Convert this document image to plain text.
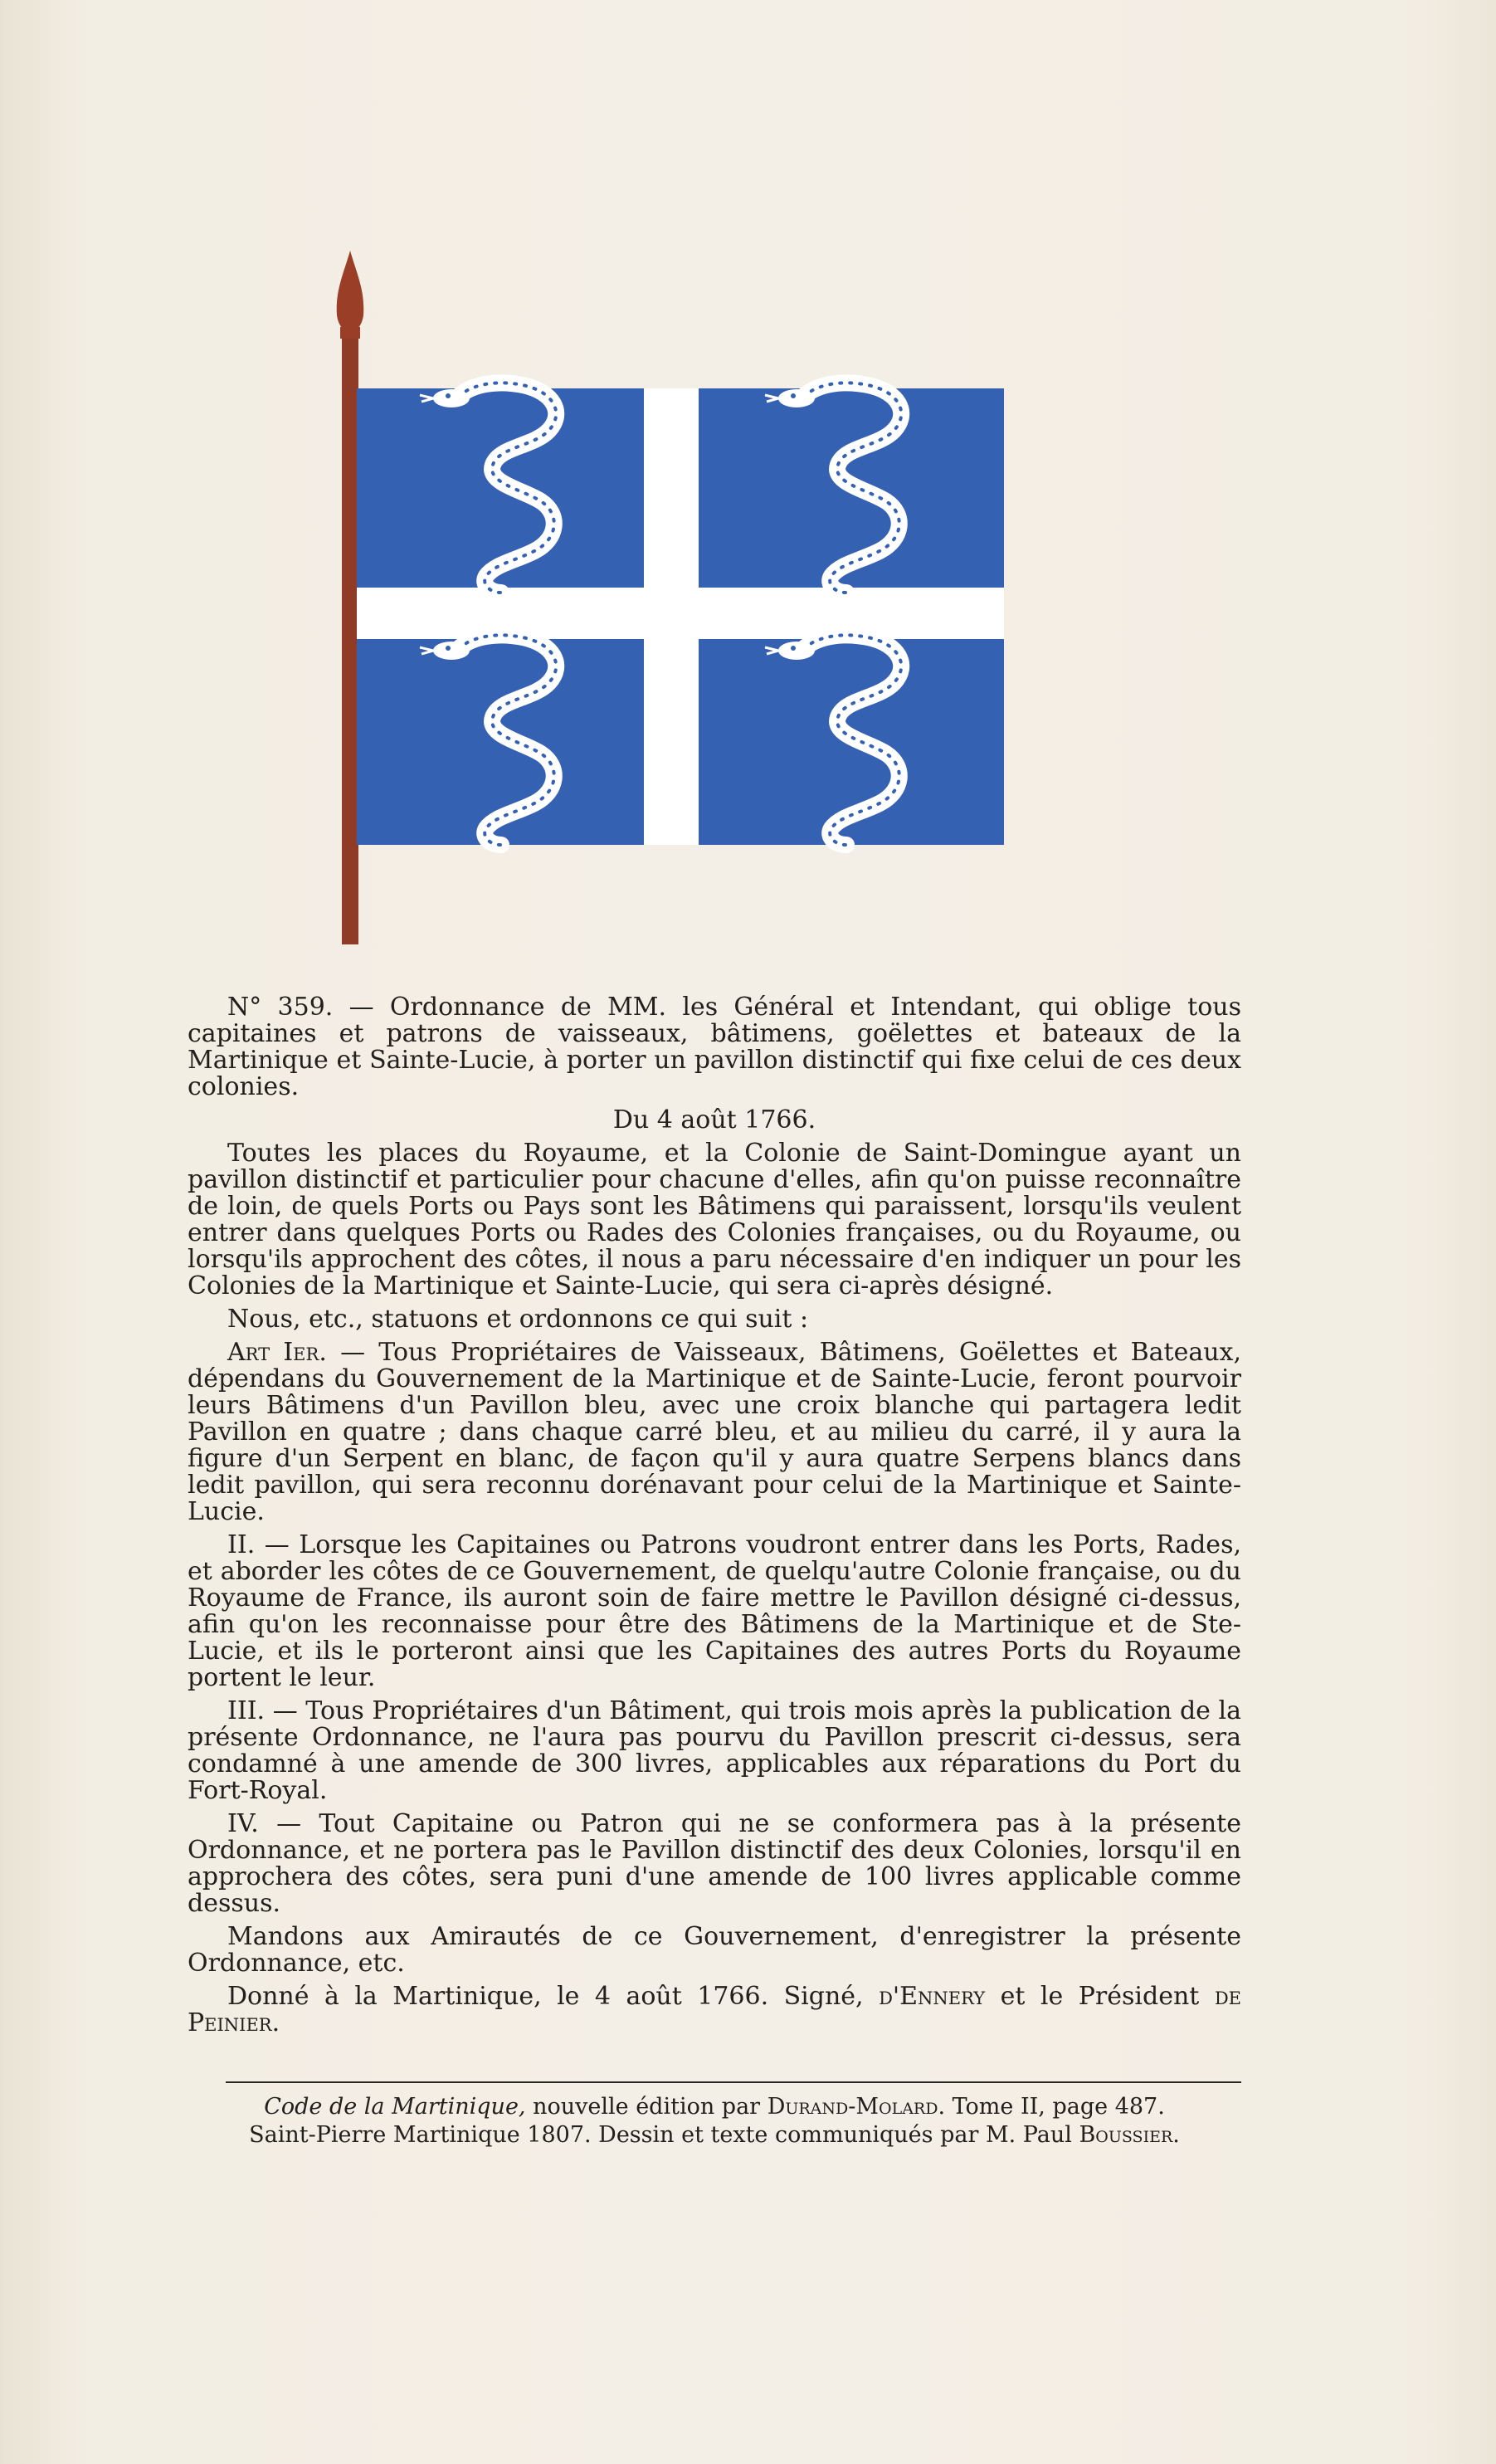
N° 359. — Ordonnance de MM. les Général et Intendant, qui oblige tous capitaines et patrons de vaisseaux, bâtimens, goëlettes et bateaux de la Martinique et Sainte-Lucie, à porter un pavillon distinctif qui fixe celui de ces deux colonies.

Du 4 août 1766.

Toutes les places du Royaume, et la Colonie de Saint-Domingue ayant un pavillon distinctif et particulier pour chacune d'elles, afin qu'on puisse reconnaître de loin, de quels Ports ou Pays sont les Bâtimens qui paraissent, lorsqu'ils veulent entrer dans quelques Ports ou Rades des Colonies françaises, ou du Royaume, ou lorsqu'ils approchent des côtes, il nous a paru nécessaire d'en indiquer un pour les Colonies de la Martinique et Sainte-Lucie, qui sera ci-après désigné.

Nous, etc., statuons et ordonnons ce qui suit :

Art Ier. — Tous Propriétaires de Vaisseaux, Bâtimens, Goëlettes et Bateaux, dépendans du Gouvernement de la Martinique et de Sainte-Lucie, feront pourvoir leurs Bâtimens d'un Pavillon bleu, avec une croix blanche qui partagera ledit Pavillon en quatre ; dans chaque carré bleu, et au milieu du carré, il y aura la figure d'un Serpent en blanc, de façon qu'il y aura quatre Serpens blancs dans ledit pavillon, qui sera reconnu dorénavant pour celui de la Martinique et Sainte-Lucie.

II. — Lorsque les Capitaines ou Patrons voudront entrer dans les Ports, Rades, et aborder les côtes de ce Gouvernement, de quelqu'autre Colonie française, ou du Royaume de France, ils auront soin de faire mettre le Pavillon désigné ci-dessus, afin qu'on les reconnaisse pour être des Bâtimens de la Martinique et de Ste-Lucie, et ils le porteront ainsi que les Capitaines des autres Ports du Royaume portent le leur.

III. — Tous Propriétaires d'un Bâtiment, qui trois mois après la publication de la présente Ordonnance, ne l'aura pas pourvu du Pavillon prescrit ci-dessus, sera condamné à une amende de 300 livres, applicables aux réparations du Port du Fort-Royal.

IV. — Tout Capitaine ou Patron qui ne se conformera pas à la présente Ordonnance, et ne portera pas le Pavillon distinctif des deux Colonies, lorsqu'il en approchera des côtes, sera puni d'une amende de 100 livres applicable comme dessus.

Mandons aux Amirautés de ce Gouvernement, d'enregistrer la présente Ordonnance, etc.

Donné à la Martinique, le 4 août 1766. Signé, d'Ennery et le Président de Peinier.

Code de la Martinique, nouvelle édition par Durand-Molard. Tome II, page 487.
Saint-Pierre Martinique 1807. Dessin et texte communiqués par M. Paul Boussier.
